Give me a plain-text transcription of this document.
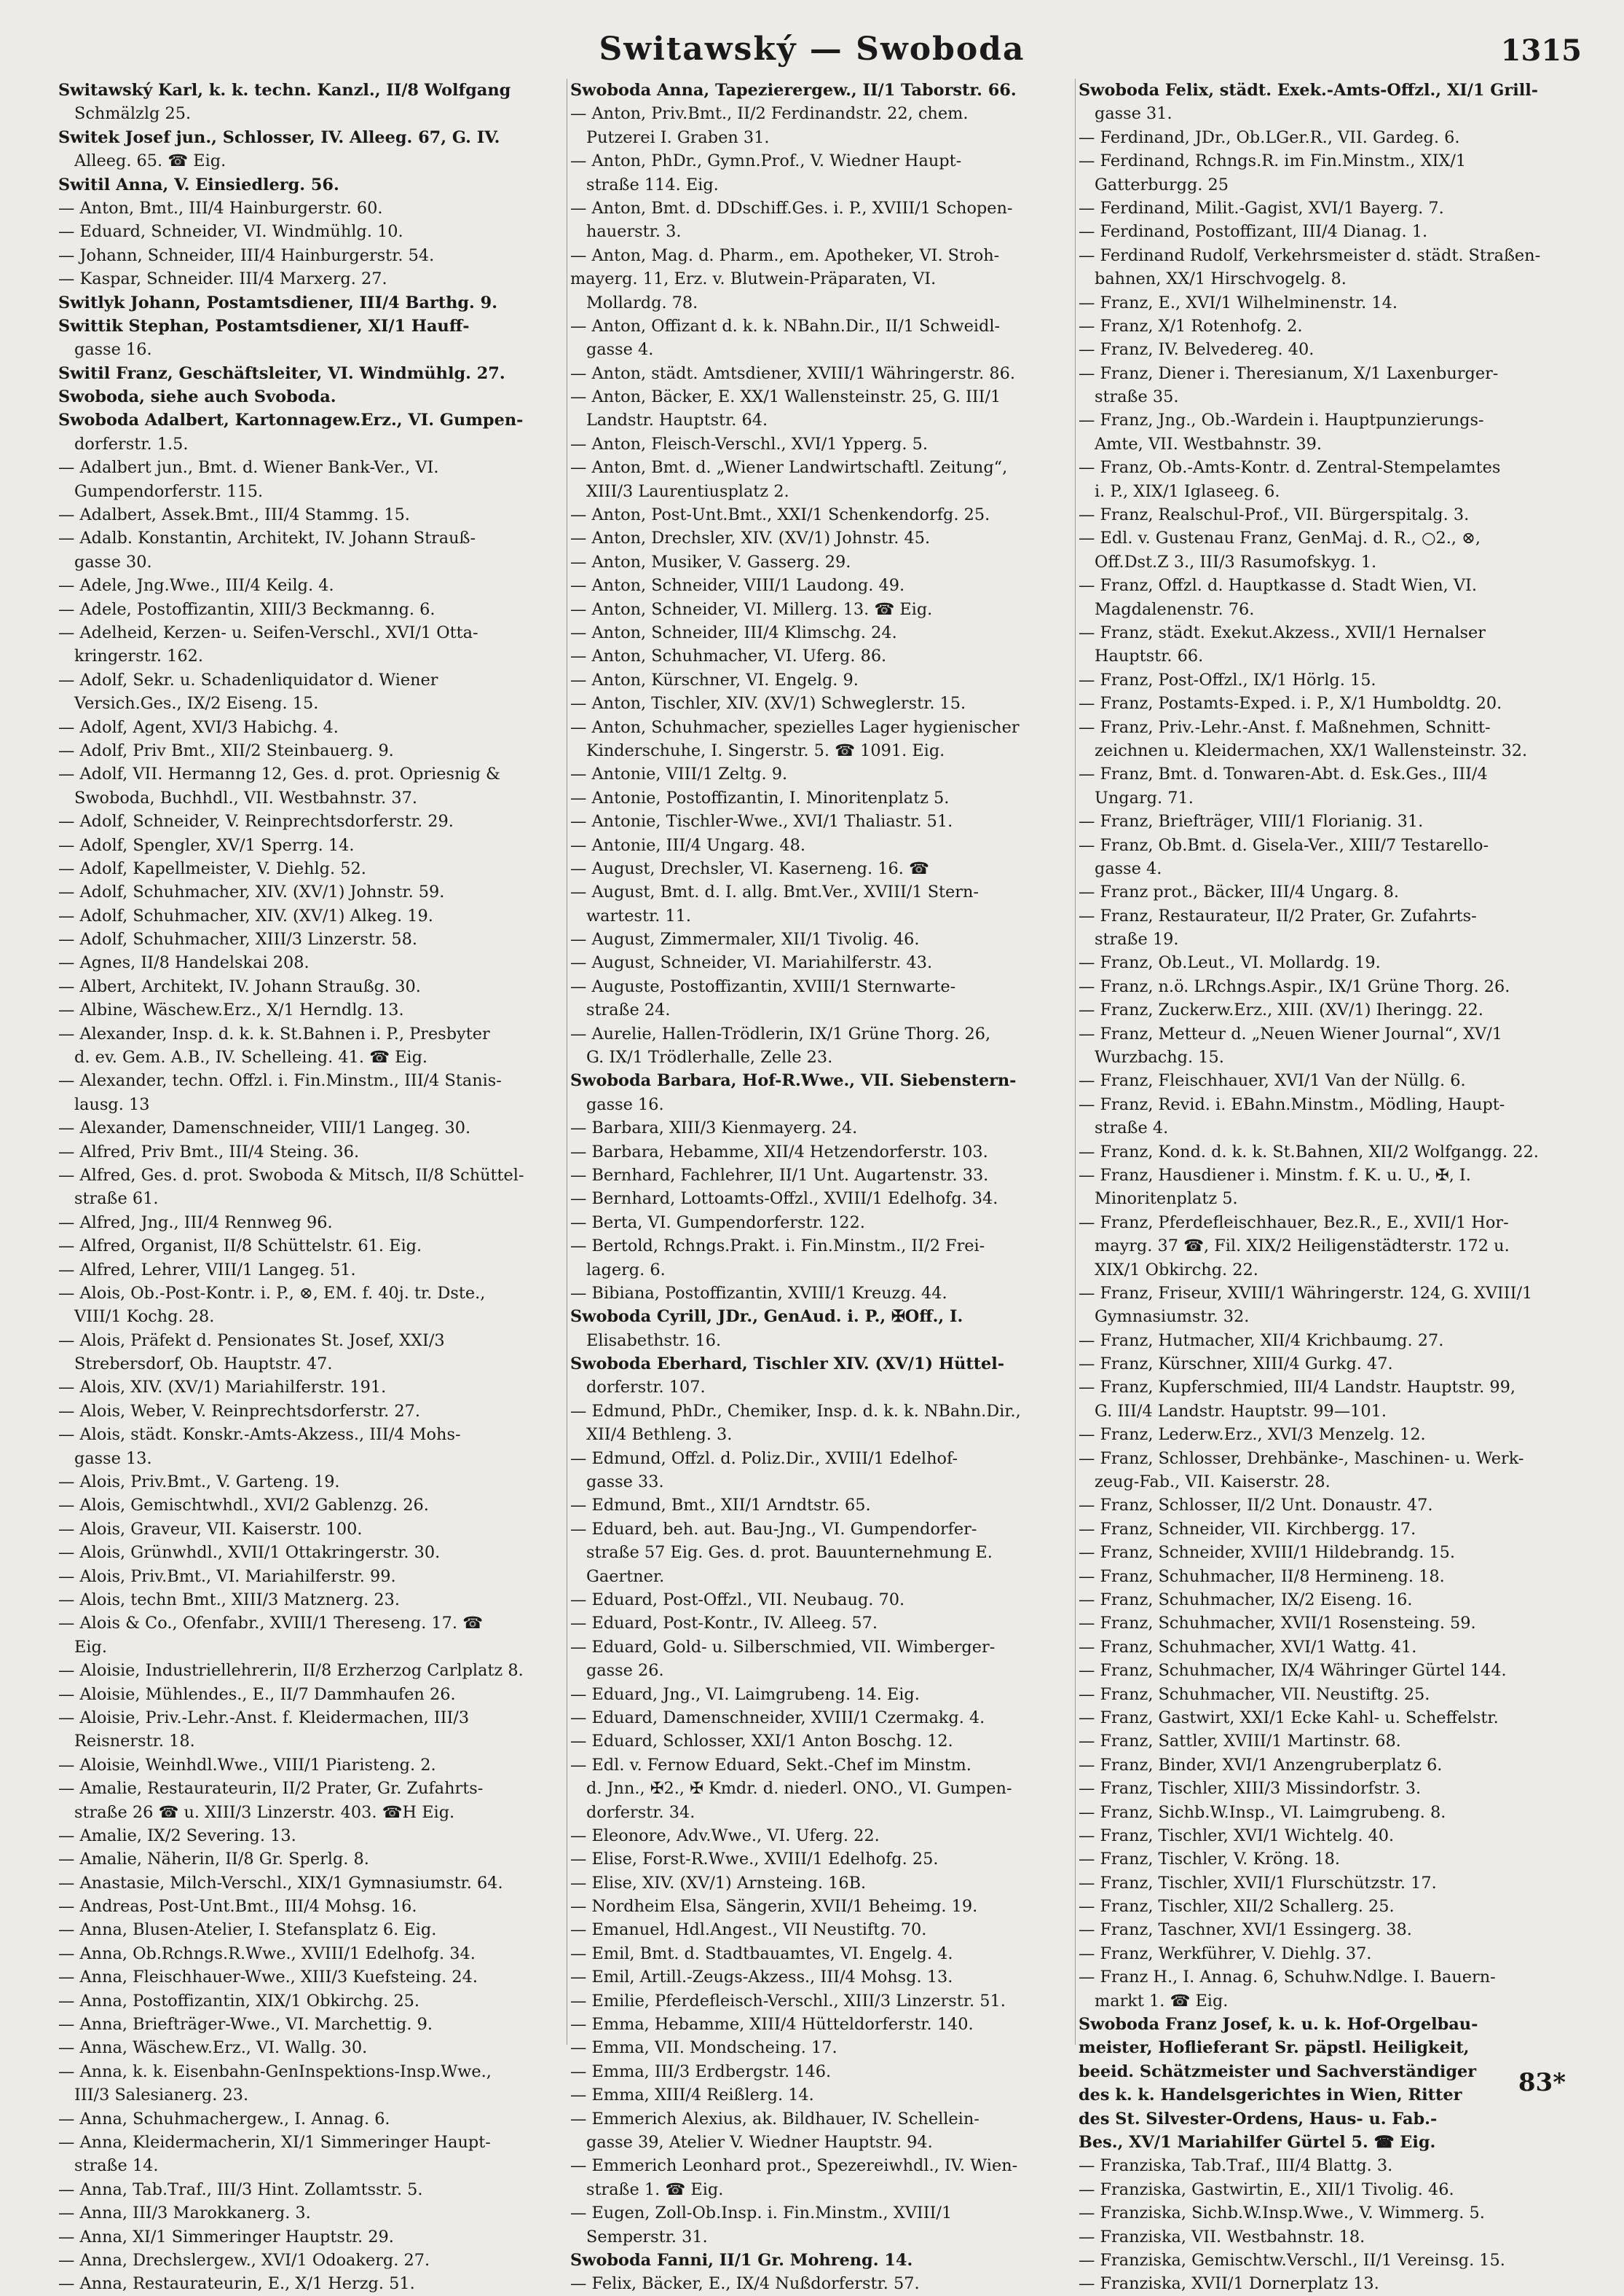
Switawský — Swoboda	1315
Switawský Karl, k. k. techn. Kanzl., II/8 Wolfgang
Schmälzlg 25.
Switek Josef jun., Schlosser, IV. Alleeg. 67, G. IV.
Alleeg. 65. ☎ Eig.
Switil Anna, V. Einsiedlerg. 56.
— Anton, Bmt., III/4 Hainburgerstr. 60.
— Eduard, Schneider, VI. Windmühlg. 10.
— Johann, Schneider, III/4 Hainburgerstr. 54.
— Kaspar, Schneider. III/4 Marxerg. 27.
Switlyk Johann, Postamtsdiener, III/4 Barthg. 9.
Swittik Stephan, Postamtsdiener, XI/1 Hauff-
gasse 16.
Switil Franz, Geschäftsleiter, VI. Windmühlg. 27.
Swoboda, siehe auch Svoboda.
Swoboda Adalbert, Kartonnagew.Erz., VI. Gumpen-
dorferstr. 1.5.
— Adalbert jun., Bmt. d. Wiener Bank-Ver., VI.
Gumpendorferstr. 115.
— Adalbert, Assek.Bmt., III/4 Stammg. 15.
— Adalb. Konstantin, Architekt, IV. Johann Strauß-
gasse 30.
— Adele, Jng.Wwe., III/4 Keilg. 4.
— Adele, Postoffizantin, XIII/3 Beckmanng. 6.
— Adelheid, Kerzen- u. Seifen-Verschl., XVI/1 Otta-
kringerstr. 162.
— Adolf, Sekr. u. Schadenliquidator d. Wiener
Versich.Ges., IX/2 Eiseng. 15.
— Adolf, Agent, XVI/3 Habichg. 4.
— Adolf, Priv Bmt., XII/2 Steinbauerg. 9.
— Adolf, VII. Hermanng 12, Ges. d. prot. Opriesnig &
Swoboda, Buchhdl., VII. Westbahnstr. 37.
— Adolf, Schneider, V. Reinprechtsdorferstr. 29.
— Adolf, Spengler, XV/1 Sperrg. 14.
— Adolf, Kapellmeister, V. Diehlg. 52.
— Adolf, Schuhmacher, XIV. (XV/1) Johnstr. 59.
— Adolf, Schuhmacher, XIV. (XV/1) Alkeg. 19.
— Adolf, Schuhmacher, XIII/3 Linzerstr. 58.
— Agnes, II/8 Handelskai 208.
— Albert, Architekt, IV. Johann Straußg. 30.
— Albine, Wäschew.Erz., X/1 Herndlg. 13.
— Alexander, Insp. d. k. k. St.Bahnen i. P., Presbyter
d. ev. Gem. A.B., IV. Schelleing. 41. ☎ Eig.
— Alexander, techn. Offzl. i. Fin.Minstm., III/4 Stanis-
lausg. 13
— Alexander, Damenschneider, VIII/1 Langeg. 30.
— Alfred, Priv Bmt., III/4 Steing. 36.
— Alfred, Ges. d. prot. Swoboda & Mitsch, II/8 Schüttel-
straße 61.
— Alfred, Jng., III/4 Rennweg 96.
— Alfred, Organist, II/8 Schüttelstr. 61. Eig.
— Alfred, Lehrer, VIII/1 Langeg. 51.
— Alois, Ob.-Post-Kontr. i. P., ⊗, EM. f. 40j. tr. Dste.,
VIII/1 Kochg. 28.
— Alois, Präfekt d. Pensionates St. Josef, XXI/3
Strebersdorf, Ob. Hauptstr. 47.
— Alois, XIV. (XV/1) Mariahilferstr. 191.
— Alois, Weber, V. Reinprechtsdorferstr. 27.
— Alois, städt. Konskr.-Amts-Akzess., III/4 Mohs-
gasse 13.
— Alois, Priv.Bmt., V. Garteng. 19.
— Alois, Gemischtwhdl., XVI/2 Gablenzg. 26.
— Alois, Graveur, VII. Kaiserstr. 100.
— Alois, Grünwhdl., XVII/1 Ottakringerstr. 30.
— Alois, Priv.Bmt., VI. Mariahilferstr. 99.
— Alois, techn Bmt., XIII/3 Matznerg. 23.
— Alois & Co., Ofenfabr., XVIII/1 Thereseng. 17. ☎
Eig.
— Aloisie, Industriellehrerin, II/8 Erzherzog Carlplatz 8.
— Aloisie, Mühlendes., E., II/7 Dammhaufen 26.
— Aloisie, Priv.-Lehr.-Anst. f. Kleidermachen, III/3
Reisnerstr. 18.
— Aloisie, Weinhdl.Wwe., VIII/1 Piaristeng. 2.
— Amalie, Restaurateurin, II/2 Prater, Gr. Zufahrts-
straße 26 ☎ u. XIII/3 Linzerstr. 403. ☎H Eig.
— Amalie, IX/2 Severing. 13.
— Amalie, Näherin, II/8 Gr. Sperlg. 8.
— Anastasie, Milch-Verschl., XIX/1 Gymnasiumstr. 64.
— Andreas, Post-Unt.Bmt., III/4 Mohsg. 16.
— Anna, Blusen-Atelier, I. Stefansplatz 6. Eig.
— Anna, Ob.Rchngs.R.Wwe., XVIII/1 Edelhofg. 34.
— Anna, Fleischhauer-Wwe., XIII/3 Kuefsteing. 24.
— Anna, Postoffizantin, XIX/1 Obkirchg. 25.
— Anna, Briefträger-Wwe., VI. Marchettig. 9.
— Anna, Wäschew.Erz., VI. Wallg. 30.
— Anna, k. k. Eisenbahn-GenInspektions-Insp.Wwe.,
III/3 Salesianerg. 23.
— Anna, Schuhmachergew., I. Annag. 6.
— Anna, Kleidermacherin, XI/1 Simmeringer Haupt-
straße 14.
— Anna, Tab.Traf., III/3 Hint. Zollamtsstr. 5.
— Anna, III/3 Marokkanerg. 3.
— Anna, XI/1 Simmeringer Hauptstr. 29.
— Anna, Drechslergew., XVI/1 Odoakerg. 27.
— Anna, Restaurateurin, E., X/1 Herzg. 51.
Swoboda Anna, Tapezierergew., II/1 Taborstr. 66.
— Anton, Priv.Bmt., II/2 Ferdinandstr. 22, chem.
Putzerei I. Graben 31.
— Anton, PhDr., Gymn.Prof., V. Wiedner Haupt-
straße 114. Eig.
— Anton, Bmt. d. DDschiff.Ges. i. P., XVIII/1 Schopen-
hauerstr. 3.
— Anton, Mag. d. Pharm., em. Apotheker, VI. Stroh-
mayerg. 11, Erz. v. Blutwein-Präparaten, VI.
Mollardg. 78.
— Anton, Offizant d. k. k. NBahn.Dir., II/1 Schweidl-
gasse 4.
— Anton, städt. Amtsdiener, XVIII/1 Währingerstr. 86.
— Anton, Bäcker, E. XX/1 Wallensteinstr. 25, G. III/1
Landstr. Hauptstr. 64.
— Anton, Fleisch-Verschl., XVI/1 Ypperg. 5.
— Anton, Bmt. d. „Wiener Landwirtschaftl. Zeitung“,
XIII/3 Laurentiusplatz 2.
— Anton, Post-Unt.Bmt., XXI/1 Schenkendorfg. 25.
— Anton, Drechsler, XIV. (XV/1) Johnstr. 45.
— Anton, Musiker, V. Gasserg. 29.
— Anton, Schneider, VIII/1 Laudong. 49.
— Anton, Schneider, VI. Millerg. 13. ☎ Eig.
— Anton, Schneider, III/4 Klimschg. 24.
— Anton, Schuhmacher, VI. Uferg. 86.
— Anton, Kürschner, VI. Engelg. 9.
— Anton, Tischler, XIV. (XV/1) Schweglerstr. 15.
— Anton, Schuhmacher, spezielles Lager hygienischer
Kinderschuhe, I. Singerstr. 5. ☎ 1091. Eig.
— Antonie, VIII/1 Zeltg. 9.
— Antonie, Postoffizantin, I. Minoritenplatz 5.
— Antonie, Tischler-Wwe., XVI/1 Thaliastr. 51.
— Antonie, III/4 Ungarg. 48.
— August, Drechsler, VI. Kaserneng. 16. ☎
— August, Bmt. d. I. allg. Bmt.Ver., XVIII/1 Stern-
wartestr. 11.
— August, Zimmermaler, XII/1 Tivolig. 46.
— August, Schneider, VI. Mariahilferstr. 43.
— Auguste, Postoffizantin, XVIII/1 Sternwarte-
straße 24.
— Aurelie, Hallen-Trödlerin, IX/1 Grüne Thorg. 26,
G. IX/1 Trödlerhalle, Zelle 23.
Swoboda Barbara, Hof-R.Wwe., VII. Siebenstern-
gasse 16.
— Barbara, XIII/3 Kienmayerg. 24.
— Barbara, Hebamme, XII/4 Hetzendorferstr. 103.
— Bernhard, Fachlehrer, II/1 Unt. Augartenstr. 33.
— Bernhard, Lottoamts-Offzl., XVIII/1 Edelhofg. 34.
— Berta, VI. Gumpendorferstr. 122.
— Bertold, Rchngs.Prakt. i. Fin.Minstm., II/2 Frei-
lagerg. 6.
— Bibiana, Postoffizantin, XVIII/1 Kreuzg. 44.
Swoboda Cyrill, JDr., GenAud. i. P., ✠Off., I.
Elisabethstr. 16.
Swoboda Eberhard, Tischler XIV. (XV/1) Hüttel-
dorferstr. 107.
— Edmund, PhDr., Chemiker, Insp. d. k. k. NBahn.Dir.,
XII/4 Bethleng. 3.
— Edmund, Offzl. d. Poliz.Dir., XVIII/1 Edelhof-
gasse 33.
— Edmund, Bmt., XII/1 Arndtstr. 65.
— Eduard, beh. aut. Bau-Jng., VI. Gumpendorfer-
straße 57 Eig. Ges. d. prot. Bauunternehmung E.
Gaertner.
— Eduard, Post-Offzl., VII. Neubaug. 70.
— Eduard, Post-Kontr., IV. Alleeg. 57.
— Eduard, Gold- u. Silberschmied, VII. Wimberger-
gasse 26.
— Eduard, Jng., VI. Laimgrubeng. 14. Eig.
— Eduard, Damenschneider, XVIII/1 Czermakg. 4.
— Eduard, Schlosser, XXI/1 Anton Boschg. 12.
— Edl. v. Fernow Eduard, Sekt.-Chef im Minstm.
d. Jnn., ✠2., ✠ Kmdr. d. niederl. ONO., VI. Gumpen-
dorferstr. 34.
— Eleonore, Adv.Wwe., VI. Uferg. 22.
— Elise, Forst-R.Wwe., XVIII/1 Edelhofg. 25.
— Elise, XIV. (XV/1) Arnsteing. 16B.
— Nordheim Elsa, Sängerin, XVII/1 Beheimg. 19.
— Emanuel, Hdl.Angest., VII Neustiftg. 70.
— Emil, Bmt. d. Stadtbauamtes, VI. Engelg. 4.
— Emil, Artill.-Zeugs-Akzess., III/4 Mohsg. 13.
— Emilie, Pferdefleisch-Verschl., XIII/3 Linzerstr. 51.
— Emma, Hebamme, XIII/4 Hütteldorferstr. 140.
— Emma, VII. Mondscheing. 17.
— Emma, III/3 Erdbergstr. 146.
— Emma, XIII/4 Reißlerg. 14.
— Emmerich Alexius, ak. Bildhauer, IV. Schellein-
gasse 39, Atelier V. Wiedner Hauptstr. 94.
— Emmerich Leonhard prot., Spezereiwhdl., IV. Wien-
straße 1. ☎ Eig.
— Eugen, Zoll-Ob.Insp. i. Fin.Minstm., XVIII/1
Semperstr. 31.
Swoboda Fanni, II/1 Gr. Mohreng. 14.
— Felix, Bäcker, E., IX/4 Nußdorferstr. 57.
Swoboda Felix, städt. Exek.-Amts-Offzl., XI/1 Grill-
gasse 31.
— Ferdinand, JDr., Ob.LGer.R., VII. Gardeg. 6.
— Ferdinand, Rchngs.R. im Fin.Minstm., XIX/1
Gatterburgg. 25
— Ferdinand, Milit.-Gagist, XVI/1 Bayerg. 7.
— Ferdinand, Postoffizant, III/4 Dianag. 1.
— Ferdinand Rudolf, Verkehrsmeister d. städt. Straßen-
bahnen, XX/1 Hirschvogelg. 8.
— Franz, E., XVI/1 Wilhelminenstr. 14.
— Franz, X/1 Rotenhofg. 2.
— Franz, IV. Belvedereg. 40.
— Franz, Diener i. Theresianum, X/1 Laxenburger-
straße 35.
— Franz, Jng., Ob.-Wardein i. Hauptpunzierungs-
Amte, VII. Westbahnstr. 39.
— Franz, Ob.-Amts-Kontr. d. Zentral-Stempelamtes
i. P., XIX/1 Iglaseeg. 6.
— Franz, Realschul-Prof., VII. Bürgerspitalg. 3.
— Edl. v. Gustenau Franz, GenMaj. d. R., ○2., ⊗,
Off.Dst.Z 3., III/3 Rasumofskyg. 1.
— Franz, Offzl. d. Hauptkasse d. Stadt Wien, VI.
Magdalenenstr. 76.
— Franz, städt. Exekut.Akzess., XVII/1 Hernalser
Hauptstr. 66.
— Franz, Post-Offzl., IX/1 Hörlg. 15.
— Franz, Postamts-Exped. i. P., X/1 Humboldtg. 20.
— Franz, Priv.-Lehr.-Anst. f. Maßnehmen, Schnitt-
zeichnen u. Kleidermachen, XX/1 Wallensteinstr. 32.
— Franz, Bmt. d. Tonwaren-Abt. d. Esk.Ges., III/4
Ungarg. 71.
— Franz, Briefträger, VIII/1 Florianig. 31.
— Franz, Ob.Bmt. d. Gisela-Ver., XIII/7 Testarello-
gasse 4.
— Franz prot., Bäcker, III/4 Ungarg. 8.
— Franz, Restaurateur, II/2 Prater, Gr. Zufahrts-
straße 19.
— Franz, Ob.Leut., VI. Mollardg. 19.
— Franz, n.ö. LRchngs.Aspir., IX/1 Grüne Thorg. 26.
— Franz, Zuckerw.Erz., XIII. (XV/1) Iheringg. 22.
— Franz, Metteur d. „Neuen Wiener Journal“, XV/1
Wurzbachg. 15.
— Franz, Fleischhauer, XVI/1 Van der Nüllg. 6.
— Franz, Revid. i. EBahn.Minstm., Mödling, Haupt-
straße 4.
— Franz, Kond. d. k. k. St.Bahnen, XII/2 Wolfgangg. 22.
— Franz, Hausdiener i. Minstm. f. K. u. U., ✠, I.
Minoritenplatz 5.
— Franz, Pferdefleischhauer, Bez.R., E., XVII/1 Hor-
mayrg. 37 ☎, Fil. XIX/2 Heiligenstädterstr. 172 u.
XIX/1 Obkirchg. 22.
— Franz, Friseur, XVIII/1 Währingerstr. 124, G. XVIII/1
Gymnasiumstr. 32.
— Franz, Hutmacher, XII/4 Krichbaumg. 27.
— Franz, Kürschner, XIII/4 Gurkg. 47.
— Franz, Kupferschmied, III/4 Landstr. Hauptstr. 99,
G. III/4 Landstr. Hauptstr. 99—101.
— Franz, Lederw.Erz., XVI/3 Menzelg. 12.
— Franz, Schlosser, Drehbänke-, Maschinen- u. Werk-
zeug-Fab., VII. Kaiserstr. 28.
— Franz, Schlosser, II/2 Unt. Donaustr. 47.
— Franz, Schneider, VII. Kirchbergg. 17.
— Franz, Schneider, XVIII/1 Hildebrandg. 15.
— Franz, Schuhmacher, II/8 Hermineng. 18.
— Franz, Schuhmacher, IX/2 Eiseng. 16.
— Franz, Schuhmacher, XVII/1 Rosensteing. 59.
— Franz, Schuhmacher, XVI/1 Wattg. 41.
— Franz, Schuhmacher, IX/4 Währinger Gürtel 144.
— Franz, Schuhmacher, VII. Neustiftg. 25.
— Franz, Gastwirt, XXI/1 Ecke Kahl- u. Scheffelstr.
— Franz, Sattler, XVIII/1 Martinstr. 68.
— Franz, Binder, XVI/1 Anzengruberplatz 6.
— Franz, Tischler, XIII/3 Missindorfstr. 3.
— Franz, Sichb.W.Insp., VI. Laimgrubeng. 8.
— Franz, Tischler, XVI/1 Wichtelg. 40.
— Franz, Tischler, V. Kröng. 18.
— Franz, Tischler, XVII/1 Flurschützstr. 17.
— Franz, Tischler, XII/2 Schallerg. 25.
— Franz, Taschner, XVI/1 Essingerg. 38.
— Franz, Werkführer, V. Diehlg. 37.
— Franz H., I. Annag. 6, Schuhw.Ndlge. I. Bauern-
markt 1. ☎ Eig.
Swoboda Franz Josef, k. u. k. Hof-Orgelbau-
meister, Hoflieferant Sr. päpstl. Heiligkeit,
beeid. Schätzmeister und Sachverständiger
des k. k. Handelsgerichtes in Wien, Ritter
des St. Silvester-Ordens, Haus- u. Fab.-
Bes., XV/1 Mariahilfer Gürtel 5. ☎ Eig.
— Franziska, Tab.Traf., III/4 Blattg. 3.
— Franziska, Gastwirtin, E., XII/1 Tivolig. 46.
— Franziska, Sichb.W.Insp.Wwe., V. Wimmerg. 5.
— Franziska, VII. Westbahnstr. 18.
— Franziska, Gemischtw.Verschl., II/1 Vereinsg. 15.
— Franziska, XVII/1 Dornerplatz 13.
83*
